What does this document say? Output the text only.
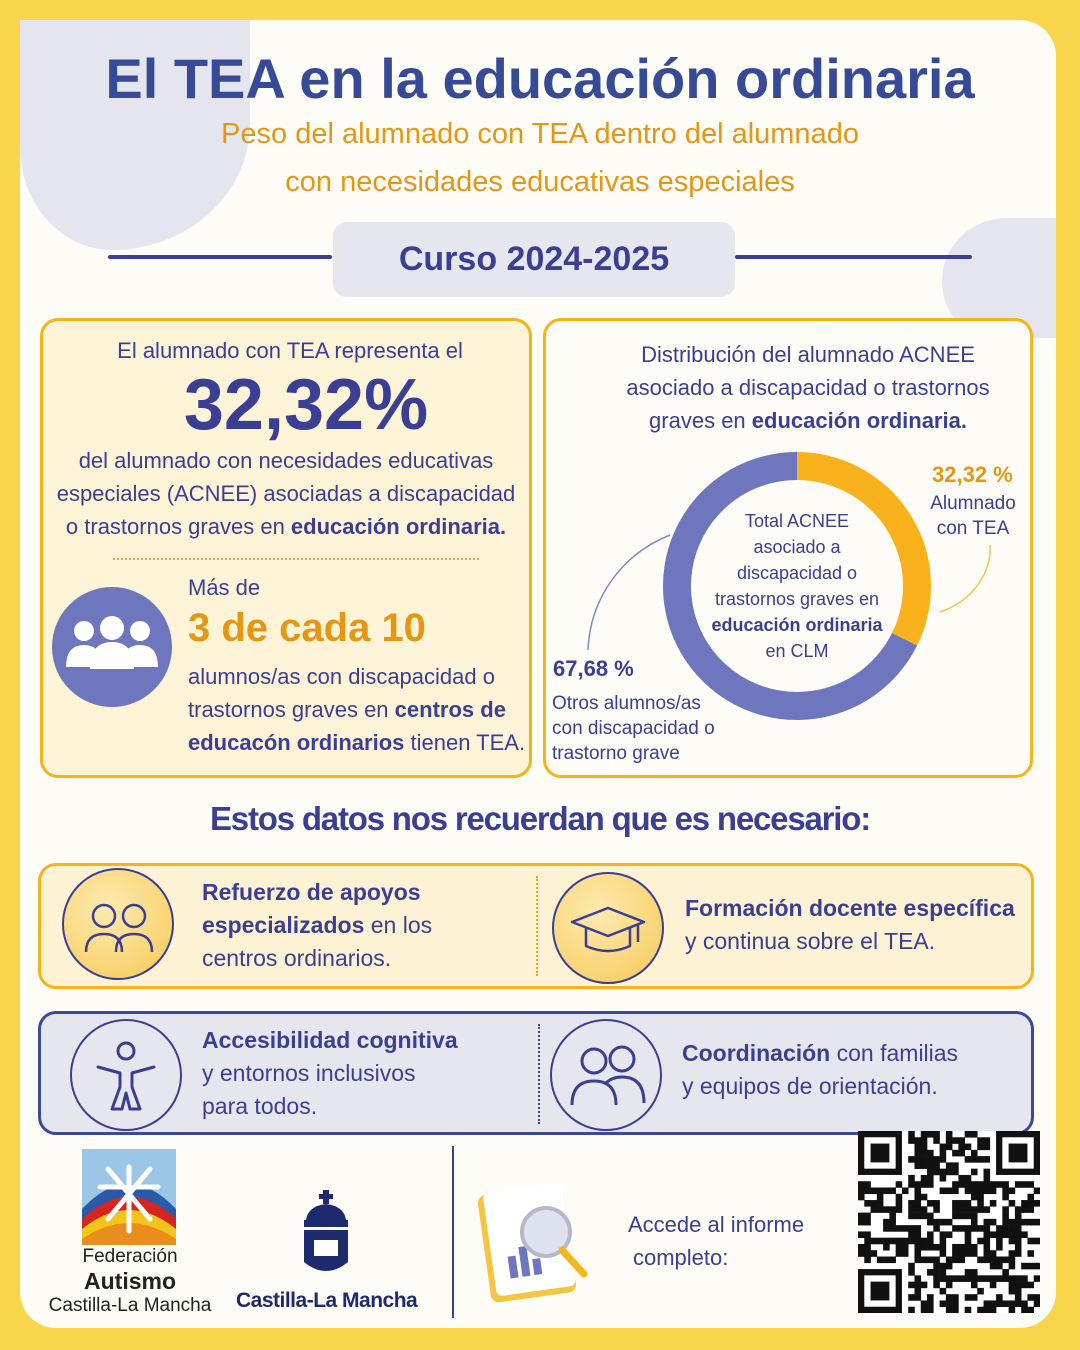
El TEA en la educación ordinaria
Peso del alumnado con TEA dentro del alumnado
con necesidades educativas especiales
Curso 2024-2025
El alumnado con TEA representa el
32,32%
del alumnado con necesidades educativas
especiales (ACNEE) asociadas a discapacidad
o trastornos graves en educación ordinaria.
Más de
3 de cada 10
alumnos/as con discapacidad o
trastornos graves en centros de
educacón ordinarios tienen TEA.
Distribución del alumnado ACNEE
asociado a discapacidad o trastornos
graves en educación ordinaria.
Total ACNEE
asociado a
discapacidad o
trastornos graves en
educación ordinaria
en CLM
32,32 %
Alumnado
con TEA
67,68 %
Otros alumnos/as
con discapacidad o
trastorno grave
Estos datos nos recuerdan que es necesario:
Refuerzo de apoyos
especializados en los
centros ordinarios.
Formación docente específica
y continua sobre el TEA.
Accesibilidad cognitiva
y entornos inclusivos
para todos.
Coordinación con familias
y equipos de orientación.
Federación
Autismo
Castilla-La Mancha	Castilla-La Mancha
Accede al informe
completo:
